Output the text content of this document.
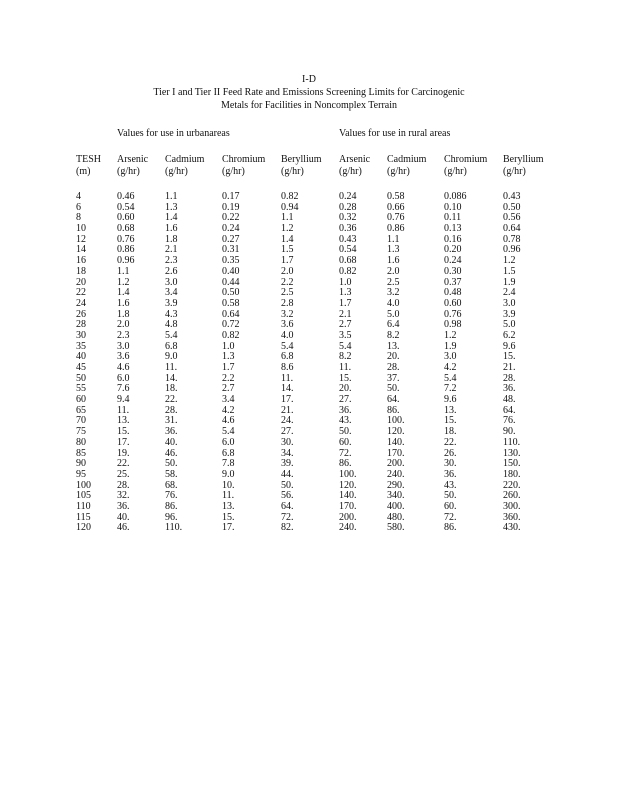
I-D
Tier I and Tier II Feed Rate and Emissions Screening Limits for Carcinogenic
Metals for Facilities in Noncomplex Terrain
Values for use in urbanareas	Values for use in rural areas
TESH
(m)
4
6
8
10
12
14
16
18
20
22
24
26
28
30
35
40
45
50
55
60
65
70
75
80
85
90
95
100
105
110
115
120
Arsenic
(g/hr)
0.46
0.54
0.60
0.68
0.76
0.86
0.96
1.1
1.2
1.4
1.6
1.8
2.0
2.3
3.0
3.6
4.6
6.0
7.6
9.4
11.
13.
15.
17.
19.
22.
25.
28.
32.
36.
40.
46.
Cadmium
(g/hr)
1.1
1.3
1.4
1.6
1.8
2.1
2.3
2.6
3.0
3.4
3.9
4.3
4.8
5.4
6.8
9.0
11.
14.
18.
22.
28.
31.
36.
40.
46.
50.
58.
68.
76.
86.
96.
110.
Chromium
(g/hr)
0.17
0.19
0.22
0.24
0.27
0.31
0.35
0.40
0.44
0.50
0.58
0.64
0.72
0.82
1.0
1.3
1.7
2.2
2.7
3.4
4.2
4.6
5.4
6.0
6.8
7.8
9.0
10.
11.
13.
15.
17.
Beryllium
(g/hr)
0.82
0.94
1.1
1.2
1.4
1.5
1.7
2.0
2.2
2.5
2.8
3.2
3.6
4.0
5.4
6.8
8.6
11.
14.
17.
21.
24.
27.
30.
34.
39.
44.
50.
56.
64.
72.
82.
Arsenic
(g/hr)
0.24
0.28
0.32
0.36
0.43
0.54
0.68
0.82
1.0
1.3
1.7
2.1
2.7
3.5
5.4
8.2
11.
15.
20.
27.
36.
43.
50.
60.
72.
86.
100.
120.
140.
170.
200.
240.
Cadmium
(g/hr)
0.58
0.66
0.76
0.86
1.1
1.3
1.6
2.0
2.5
3.2
4.0
5.0
6.4
8.2
13.
20.
28.
37.
50.
64.
86.
100.
120.
140.
170.
200.
240.
290.
340.
400.
480.
580.
Chromium
(g/hr)
0.086
0.10
0.11
0.13
0.16
0.20
0.24
0.30
0.37
0.48
0.60
0.76
0.98
1.2
1.9
3.0
4.2
5.4
7.2
9.6
13.
15.
18.
22.
26.
30.
36.
43.
50.
60.
72.
86.
Beryllium
(g/hr)
0.43
0.50
0.56
0.64
0.78
0.96
1.2
1.5
1.9
2.4
3.0
3.9
5.0
6.2
9.6
15.
21.
28.
36.
48.
64.
76.
90.
110.
130.
150.
180.
220.
260.
300.
360.
430.
